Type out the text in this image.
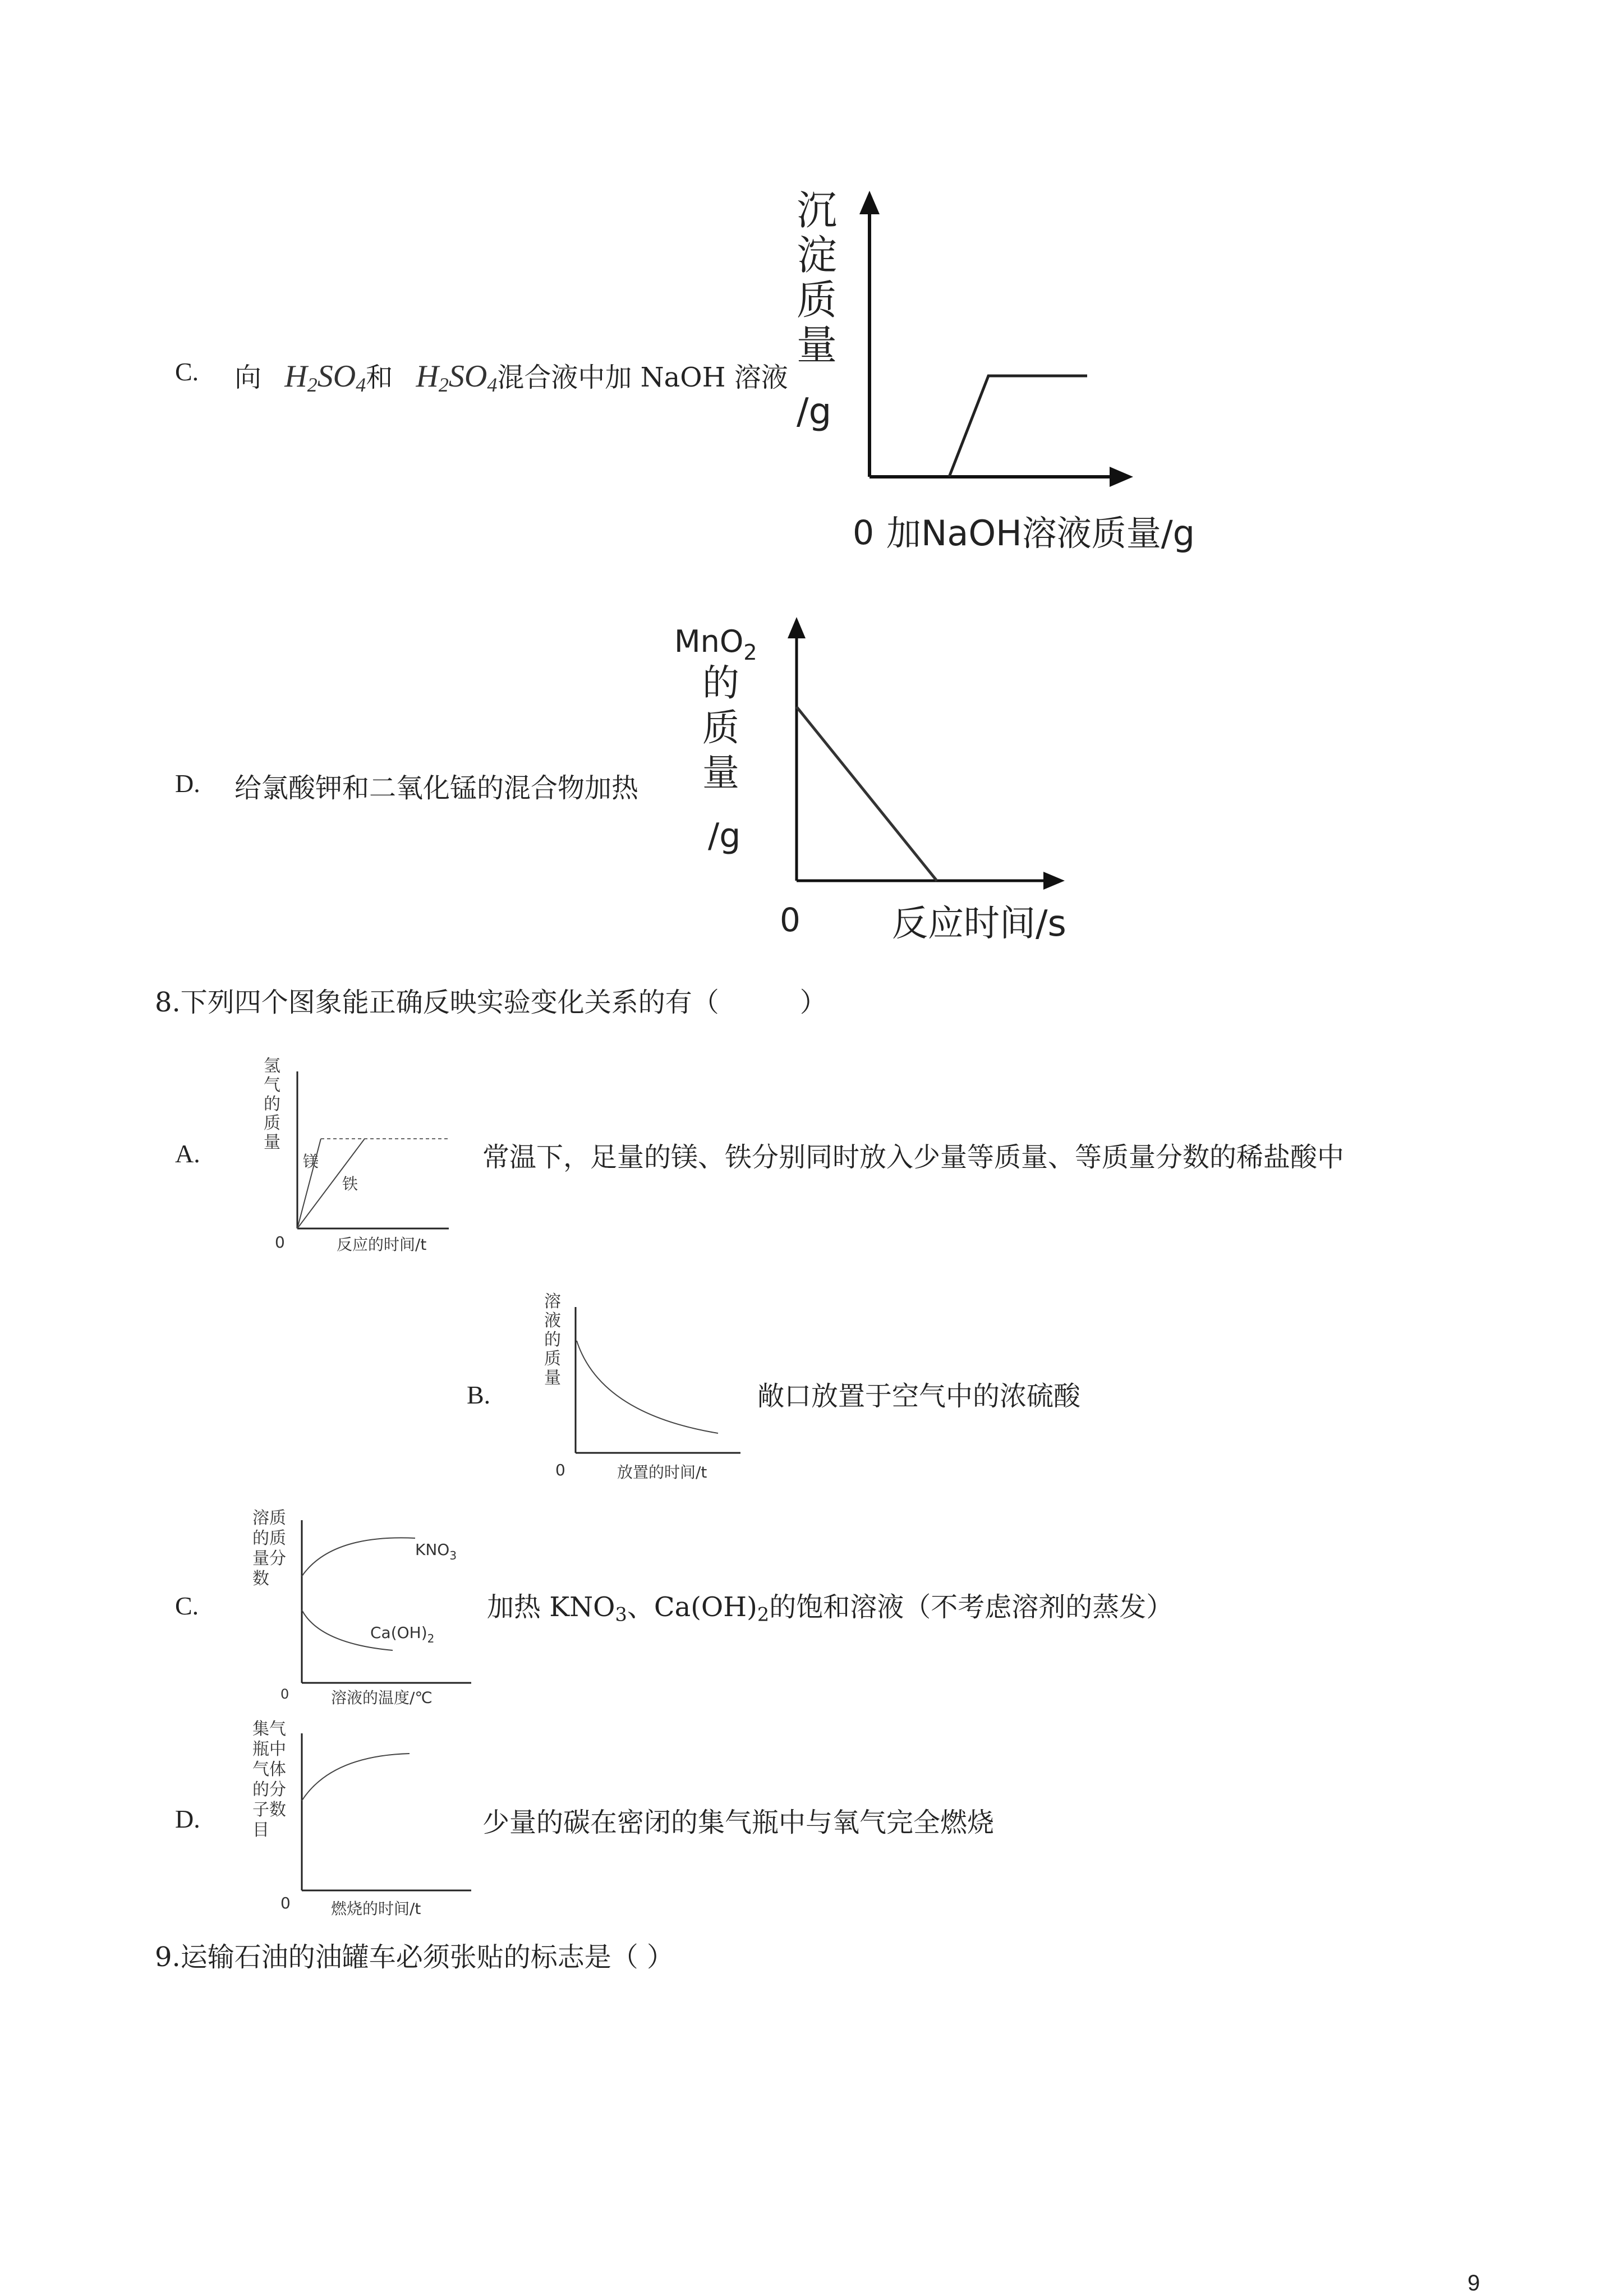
C. 向 $H_2SO_4$和 $H_2SO_4$混合液中加 NaOH 溶液
沉
淀
质
量
/g
0 加NaOH溶液质量/g
D. 给氯酸钾和二氧化锰的混合物加热
MnO$_2$
的
质
量
/g
0	反应时间/s
8.下列四个图象能正确反映实验变化关系的有（　　　）
A.
氢
气
的
质
量
镁
铁
0	反应的时间/t
常温下，足量的镁、铁分别同时放入少量等质量、等质量分数的稀盐酸中
B.
溶
液
的
质
量
0	放置的时间/t
敞口放置于空气中的浓硫酸
C.
溶质
的质
量分
数
$KNO_3$
$Ca(OH)_2$
0	溶液的温度/℃
加热 $KNO_3$、$Ca(OH)_2$的饱和溶液（不考虑溶剂的蒸发）
D.
集气
瓶中
气体
的分
子数
目
0	燃烧的时间/t
少量的碳在密闭的集气瓶中与氧气完全燃烧
9.运输石油的油罐车必须张贴的标志是（ ）
9
